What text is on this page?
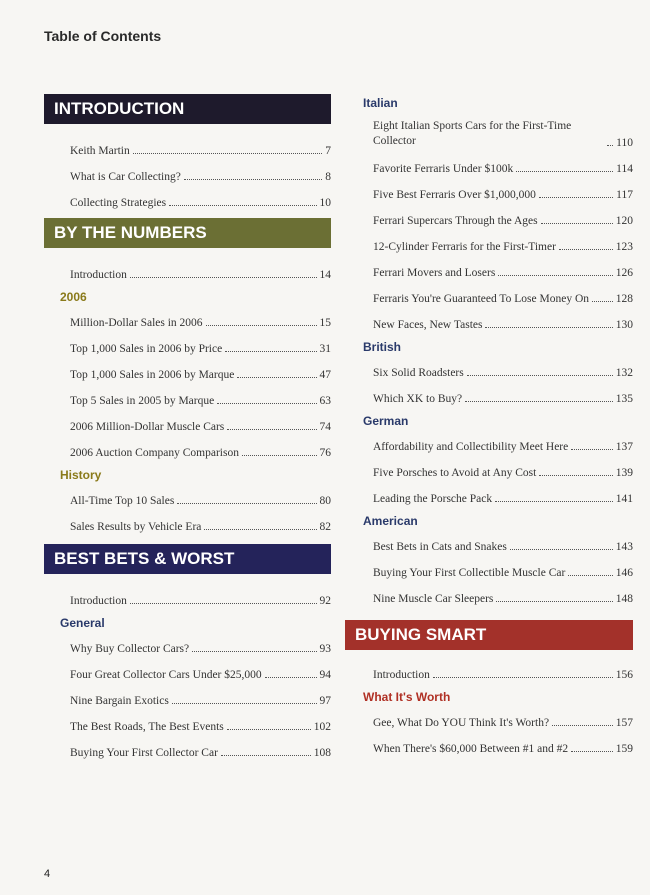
Table of Contents
INTRODUCTION
Keith Martin	7
What is Car Collecting?	8
Collecting Strategies	10
BY THE NUMBERS
Introduction	14
2006
Million-Dollar Sales in 2006	15
Top 1,000 Sales in 2006 by Price	31
Top 1,000 Sales in 2006 by Marque	47
Top 5 Sales in 2005 by Marque	63
2006 Million-Dollar Muscle Cars	74
2006 Auction Company Comparison	76
History
All-Time Top 10 Sales	80
Sales Results by Vehicle Era	82
BEST BETS & WORST
Introduction	92
General
Why Buy Collector Cars?	93
Four Great Collector Cars Under $25,000	94
Nine Bargain Exotics	97
The Best Roads, The Best Events	102
Buying Your First Collector Car	108
Italian
Eight Italian Sports Cars for the First-Time Collector	110
Favorite Ferraris Under $100k	114
Five Best Ferraris Over $1,000,000	117
Ferrari Supercars Through the Ages	120
12-Cylinder Ferraris for the First-Timer	123
Ferrari Movers and Losers	126
Ferraris You're Guaranteed To Lose Money On 128
New Faces, New Tastes	130
British
Six Solid Roadsters	132
Which XK to Buy?	135
German
Affordability and Collectibility Meet Here	137
Five Porsches to Avoid at Any Cost	139
Leading the Porsche Pack	141
American
Best Bets in Cats and Snakes	143
Buying Your First Collectible Muscle Car	146
Nine Muscle Car Sleepers	148
BUYING SMART
Introduction	156
What It's Worth
Gee, What Do YOU Think It's Worth?	157
When There's $60,000 Between #1 and #2	159
4
